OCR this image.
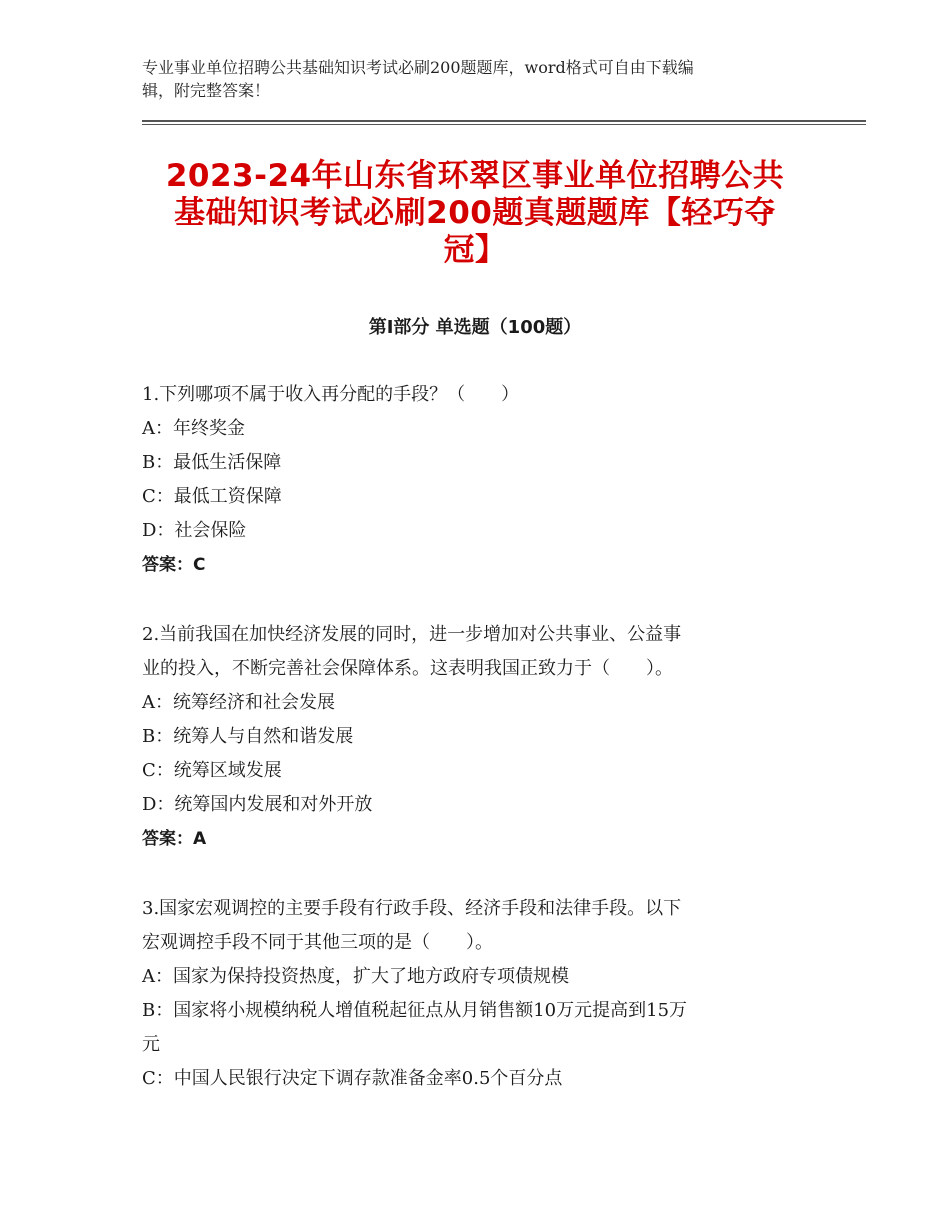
专业事业单位招聘公共基础知识考试必刷200题题库，word格式可自由下载编
辑，附完整答案！
2023-24年山东省环翠区事业单位招聘公共
基础知识考试必刷200题真题题库【轻巧夺
冠】
第Ⅰ部分 单选题（100题）
1.下列哪项不属于收入再分配的手段？（　　）
A：年终奖金
B：最低生活保障
C：最低工资保障
D：社会保险
答案：C
2.当前我国在加快经济发展的同时，进一步增加对公共事业、公益事
业的投入，不断完善社会保障体系。这表明我国正致力于（　　）。
A：统筹经济和社会发展
B：统筹人与自然和谐发展
C：统筹区域发展
D：统筹国内发展和对外开放
答案：A
3.国家宏观调控的主要手段有行政手段、经济手段和法律手段。以下
宏观调控手段不同于其他三项的是（　　）。
A：国家为保持投资热度，扩大了地方政府专项债规模
B：国家将小规模纳税人增值税起征点从月销售额10万元提高到15万
元
C：中国人民银行决定下调存款准备金率0.5个百分点
